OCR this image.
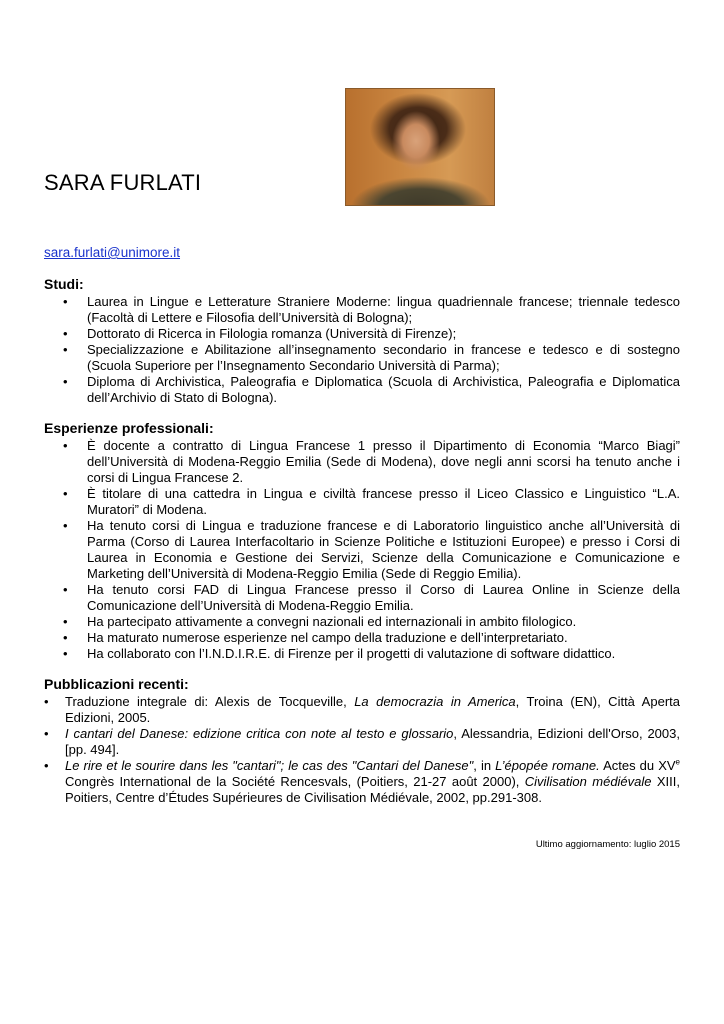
SARA FURLATI
sara.furlati@unimore.it
Studi:
• Laurea in Lingue e Letterature Straniere Moderne: lingua quadriennale francese; triennale tedesco (Facoltà di Lettere e Filosofia dell’Università di Bologna);
• Dottorato di Ricerca in Filologia romanza (Università di Firenze);
• Specializzazione e Abilitazione all’insegnamento secondario in francese e tedesco e di sostegno (Scuola Superiore per l’Insegnamento Secondario Università di Parma);
• Diploma di Archivistica, Paleografia e Diplomatica (Scuola di Archivistica, Paleografia e Diplomatica dell’Archivio di Stato di Bologna).
Esperienze professionali:
• È docente a contratto di Lingua Francese 1 presso il Dipartimento di Economia “Marco Biagi” dell’Università di Modena-Reggio Emilia (Sede di Modena), dove negli anni scorsi ha tenuto anche i corsi di Lingua Francese 2.
• È titolare di una cattedra in Lingua e civiltà francese presso il Liceo Classico e Linguistico “L.A. Muratori” di Modena.
• Ha tenuto corsi di Lingua e traduzione francese e di Laboratorio linguistico anche all’Università di Parma (Corso di Laurea Interfacoltario in Scienze Politiche e Istituzioni Europee) e presso i Corsi di Laurea in Economia e Gestione dei Servizi, Scienze della Comunicazione e Comunicazione e Marketing dell’Università di Modena-Reggio Emilia (Sede di Reggio Emilia).
• Ha tenuto corsi FAD di Lingua Francese presso il Corso di Laurea Online in Scienze della Comunicazione dell’Università di Modena-Reggio Emilia.
• Ha partecipato attivamente a convegni nazionali ed internazionali in ambito filologico.
• Ha maturato numerose esperienze nel campo della traduzione e dell’interpretariato.
• Ha collaborato con l’I.N.D.I.R.E. di Firenze per il progetti di valutazione di software didattico.
Pubblicazioni recenti:
• Traduzione integrale di: Alexis de Tocqueville, La democrazia in America, Troina (EN), Città Aperta Edizioni, 2005.
• I cantari del Danese: edizione critica con note al testo e glossario, Alessandria, Edizioni dell'Orso, 2003, [pp. 494].
• Le rire et le sourire dans les "cantari"; le cas des "Cantari del Danese", in L’épopée romane. Actes du XVe Congrès International de la Société Rencesvals, (Poitiers, 21-27 août 2000), Civilisation médiévale XIII, Poitiers, Centre d’Études Supérieures de Civilisation Médiévale, 2002, pp.291-308.
Ultimo aggiornamento: luglio 2015
